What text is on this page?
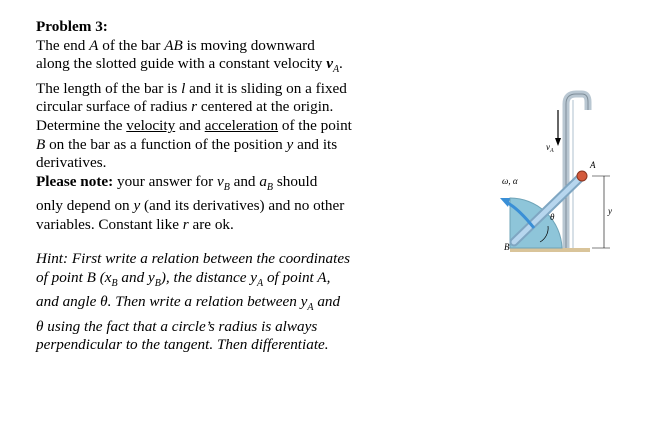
Problem 3:
The end A of the bar AB is moving downward
along the slotted guide with a constant velocity $v_A$.
The length of the bar is l and it is sliding on a fixed
circular surface of radius r centered at the origin.
Determine the velocity and acceleration of the point
B on the bar as a function of the position y and its
derivatives.
Please note: your answer for $v_B$ and $a_B$ should
only depend on y (and its derivatives) and no other
variables. Constant like r are ok.
Hint: First write a relation between the coordinates
of point B ($x_B$ and $y_B$), the distance $y_A$ of point A,
and angle θ. Then write a relation between $y_A$ and
θ using the fact that a circle’s radius is always
perpendicular to the tangent. Then differentiate.
$v_A$
A
ω, α
θ
y
B
